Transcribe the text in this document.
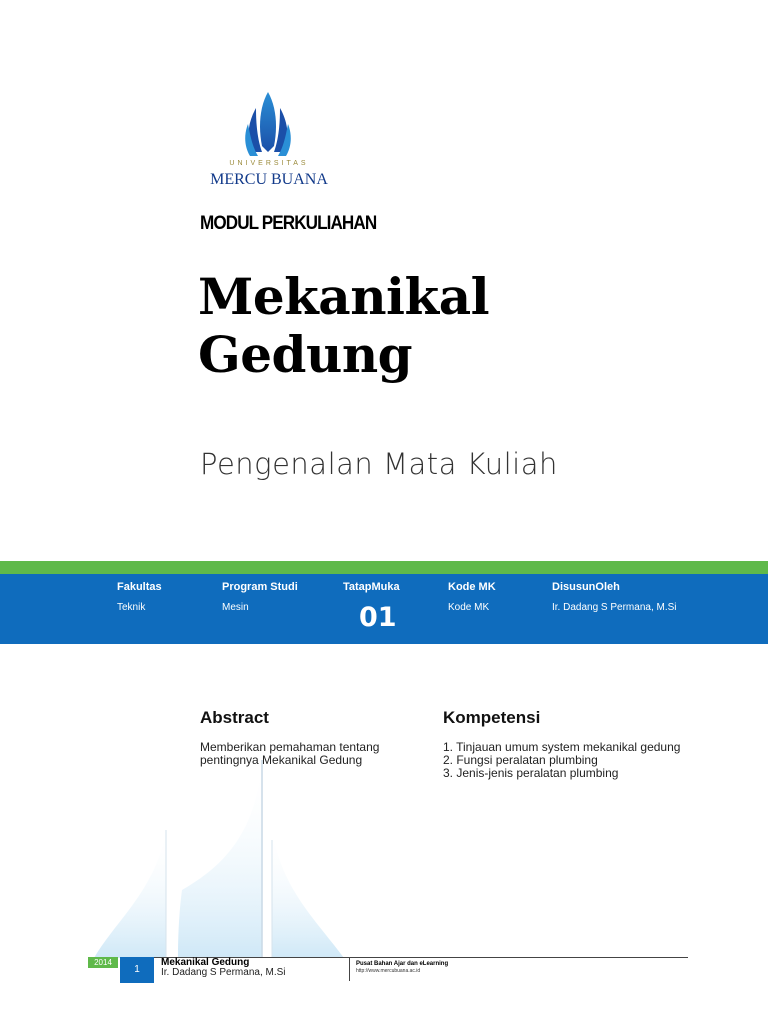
UNIVERSITAS
MERCU BUANA
MODUL PERKULIAHAN
Mekanikal
Gedung
Pengenalan Mata Kuliah
Fakultas
Teknik
Program Studi
Mesin
TatapMuka
01
Kode MK
Kode MK
DisusunOleh
Ir. Dadang S Permana, M.Si
Abstract
Memberikan pemahaman tentang pentingnya Mekanikal Gedung
Kompetensi
1. Tinjauan umum system mekanikal gedung
2. Fungsi peralatan plumbing
3. Jenis-jenis peralatan plumbing
2014
1
Mekanikal Gedung
Ir. Dadang S Permana, M.Si
Pusat Bahan Ajar dan eLearning
http://www.mercubuana.ac.id
